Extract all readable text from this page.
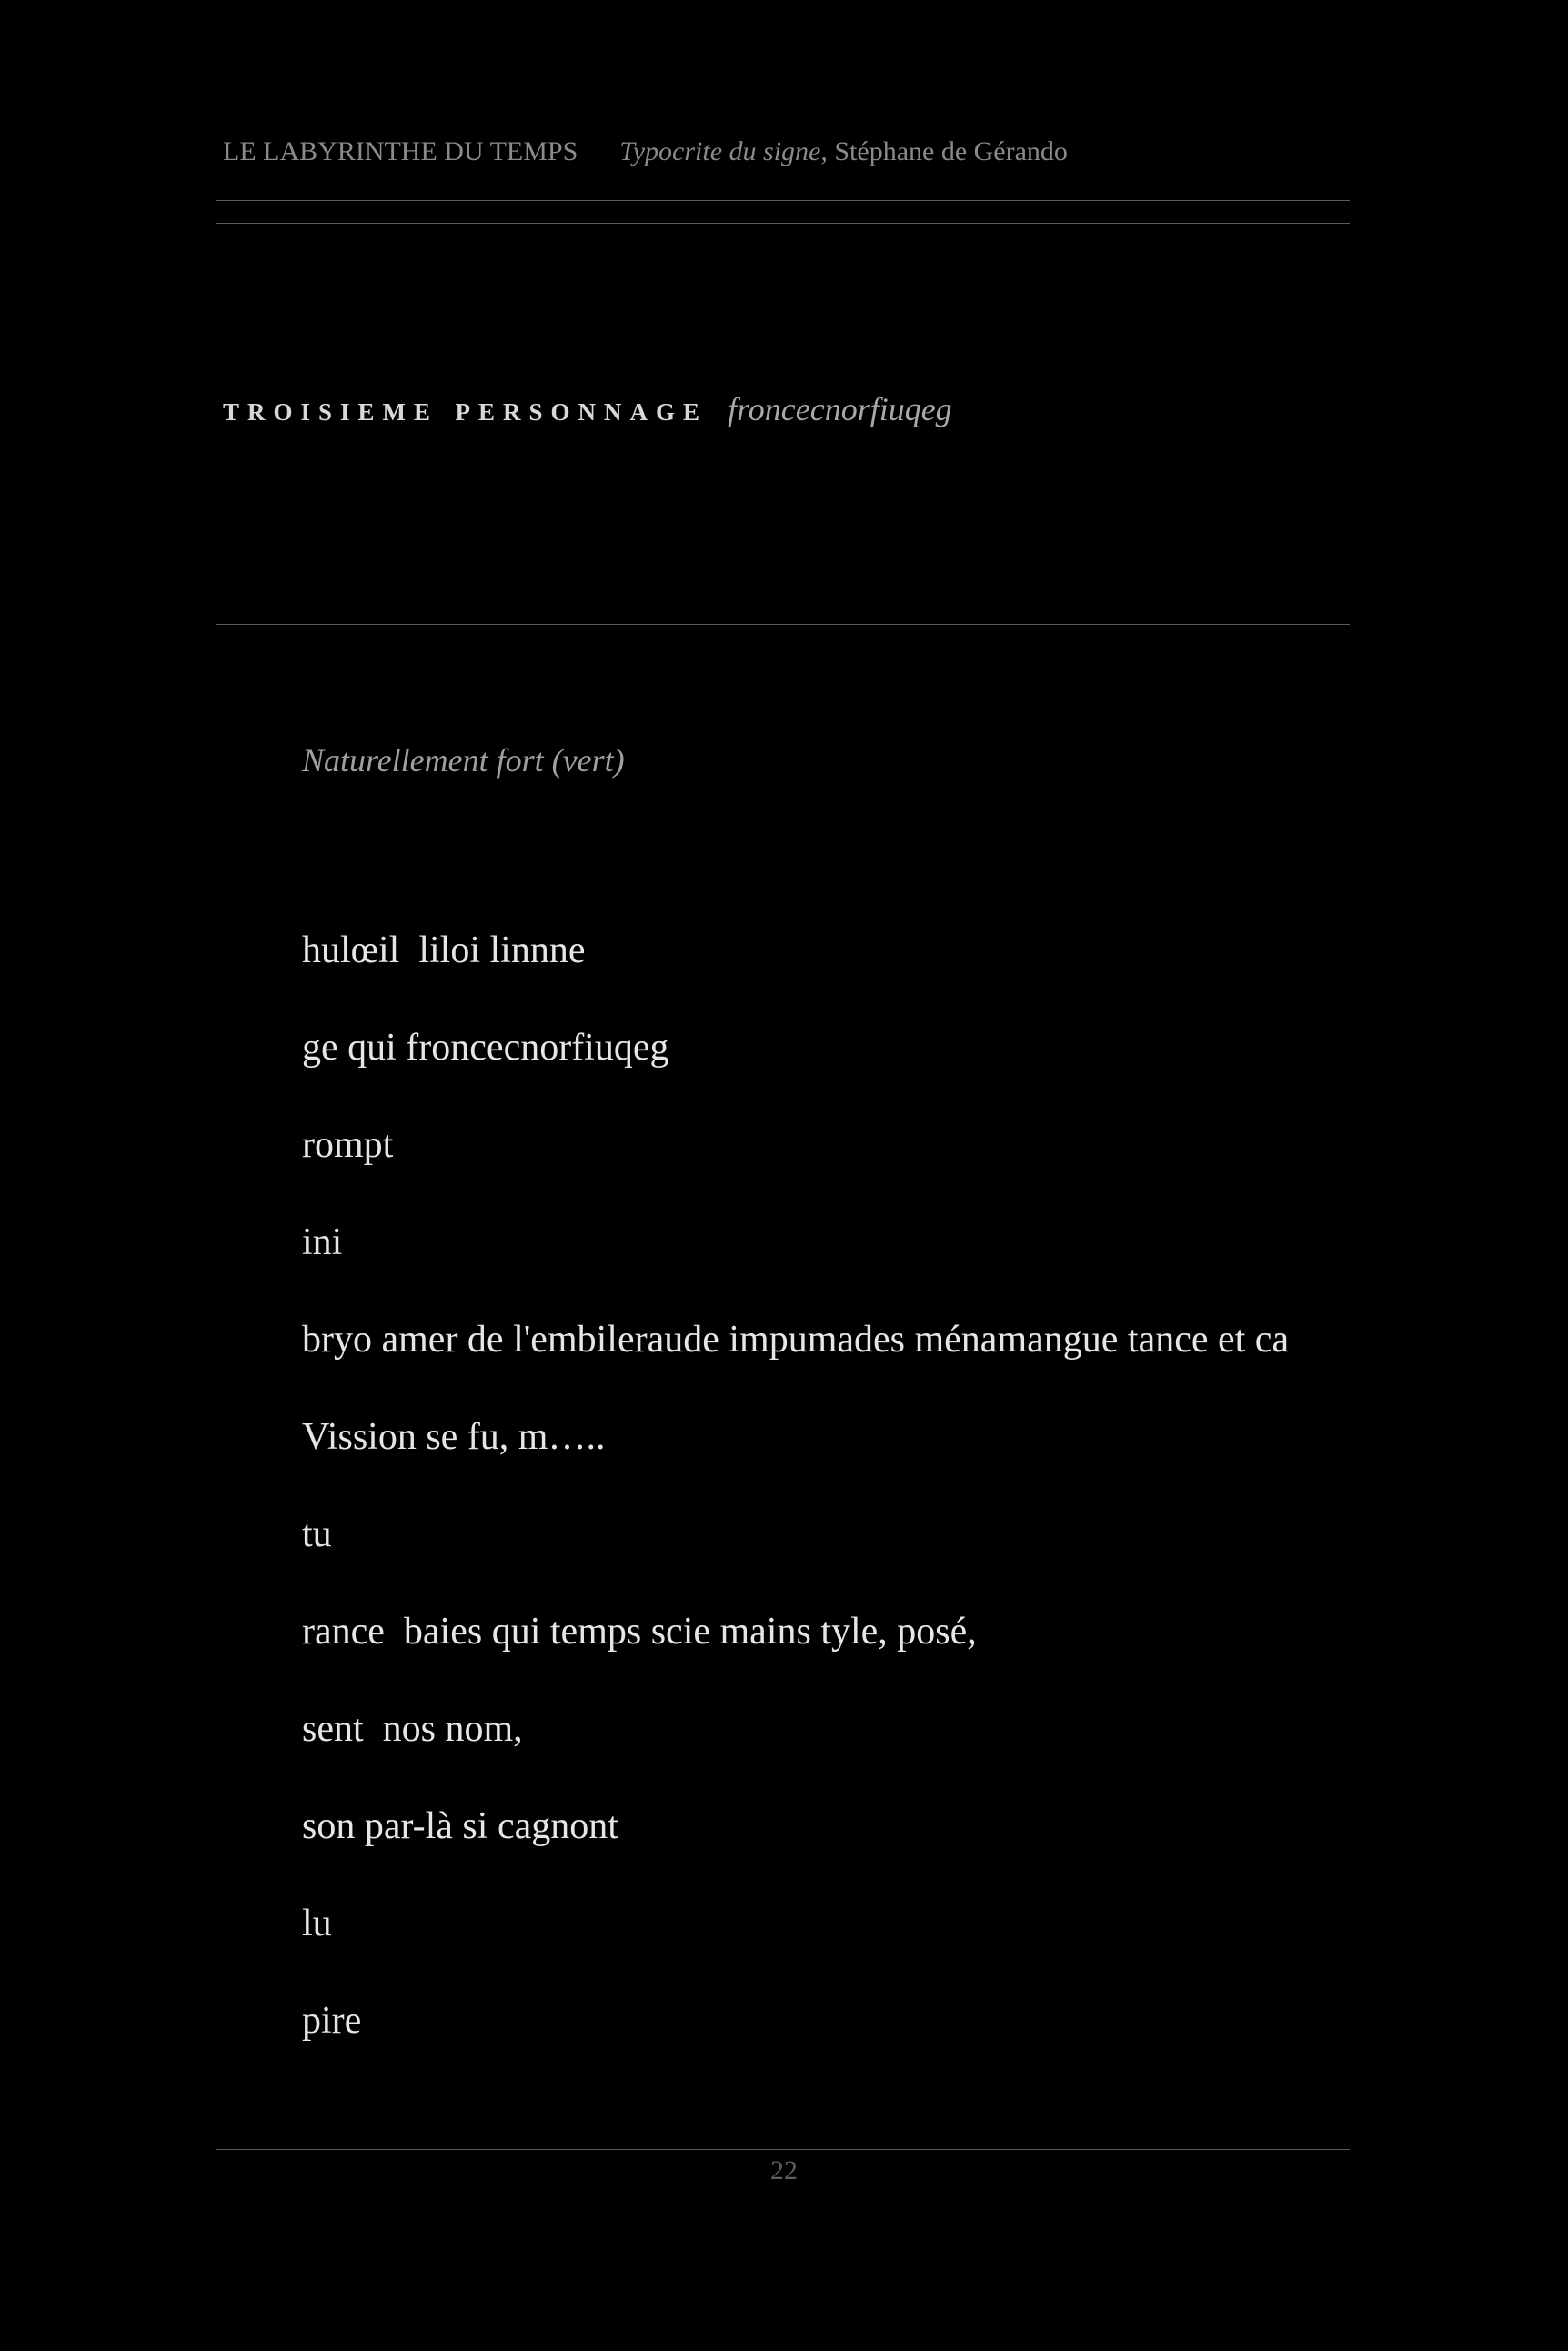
LE LABYRINTHE DU TEMPS Typocrite du signe, Stéphane de Gérando
troisieme personnage froncecnorfiuqeg
Naturellement fort (vert)
hulœil  liloi linnne
ge qui froncecnorfiuqeg
rompt
ini
bryo amer de l'embileraude impumades ménamangue tance et ca
Vission se fu, m…..
tu
rance  baies qui temps scie mains tyle, posé,
sent  nos nom,
son par-là si cagnont
lu
pire
22
